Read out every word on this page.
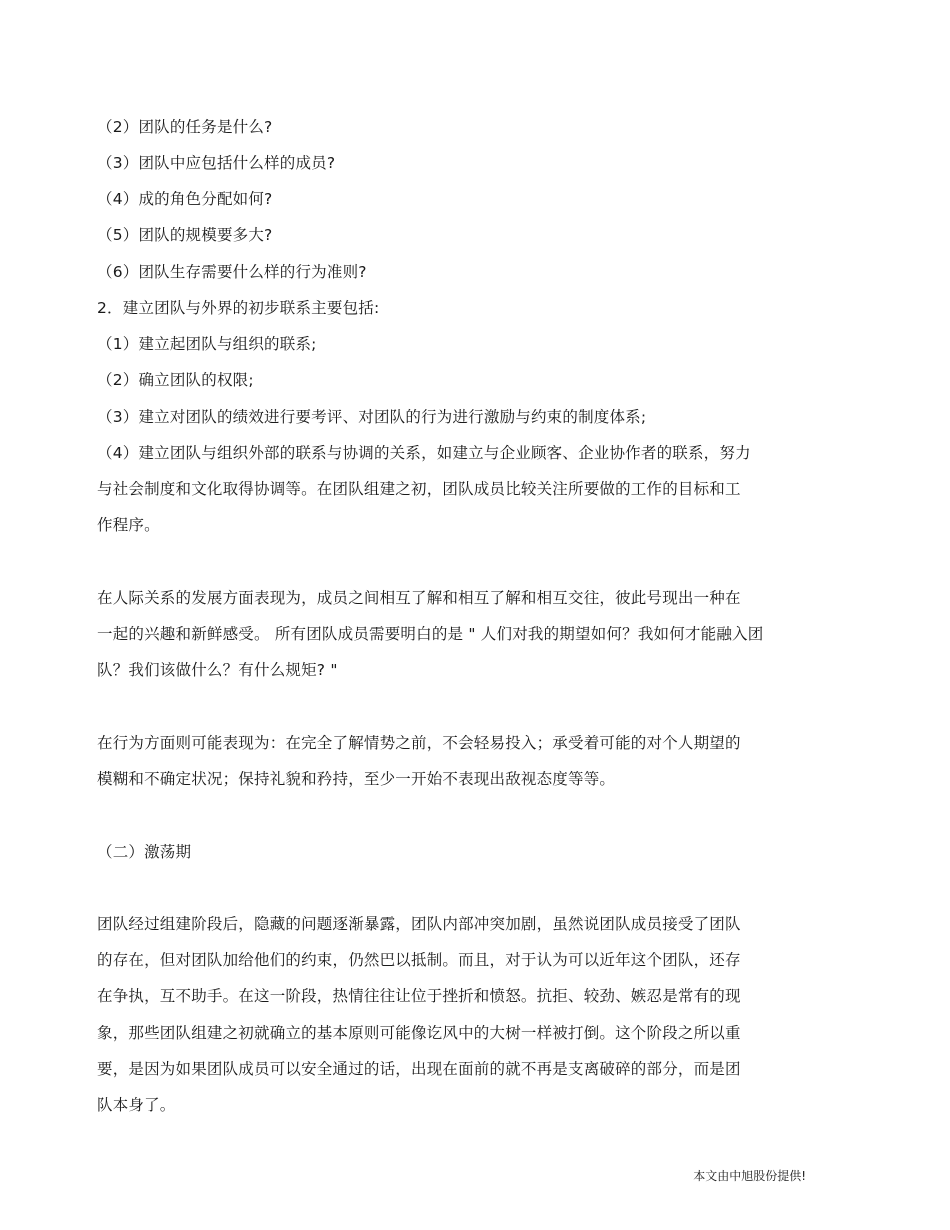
（2）团队的任务是什么?
（3）团队中应包括什么样的成员?
（4）成的角色分配如何?
（5）团队的规模要多大?
（6）团队生存需要什么样的行为准则?
2．建立团队与外界的初步联系主要包括:
（1）建立起团队与组织的联系;
（2）确立团队的权限;
（3）建立对团队的绩效进行要考评、对团队的行为进行激励与约束的制度体系;
（4）建立团队与组织外部的联系与协调的关系，如建立与企业顾客、企业协作者的联系，努力
与社会制度和文化取得协调等。在团队组建之初，团队成员比较关注所要做的工作的目标和工
作程序。
在人际关系的发展方面表现为，成员之间相互了解和相互了解和相互交往，彼此号现出一种在
一起的兴趣和新鲜感受。 所有团队成员需要明白的是 " 人们对我的期望如何？我如何才能融入团
队？我们该做什么？有什么规矩? "
在行为方面则可能表现为：在完全了解情势之前，不会轻易投入；承受着可能的对个人期望的
模糊和不确定状况；保持礼貌和矜持，至少一开始不表现出敌视态度等等。
（二）激荡期
团队经过组建阶段后，隐藏的问题逐渐暴露，团队内部冲突加剧，虽然说团队成员接受了团队
的存在，但对团队加给他们的约束，仍然巴以抵制。而且，对于认为可以近年这个团队，还存
在争执，互不助手。在这一阶段，热情往往让位于挫折和愤怒。抗拒、较劲、嫉忍是常有的现
象，那些团队组建之初就确立的基本原则可能像讫风中的大树一样被打倒。这个阶段之所以重
要，是因为如果团队成员可以安全通过的话，出现在面前的就不再是支离破碎的部分，而是团
队本身了。
本文由中旭股份提供!
